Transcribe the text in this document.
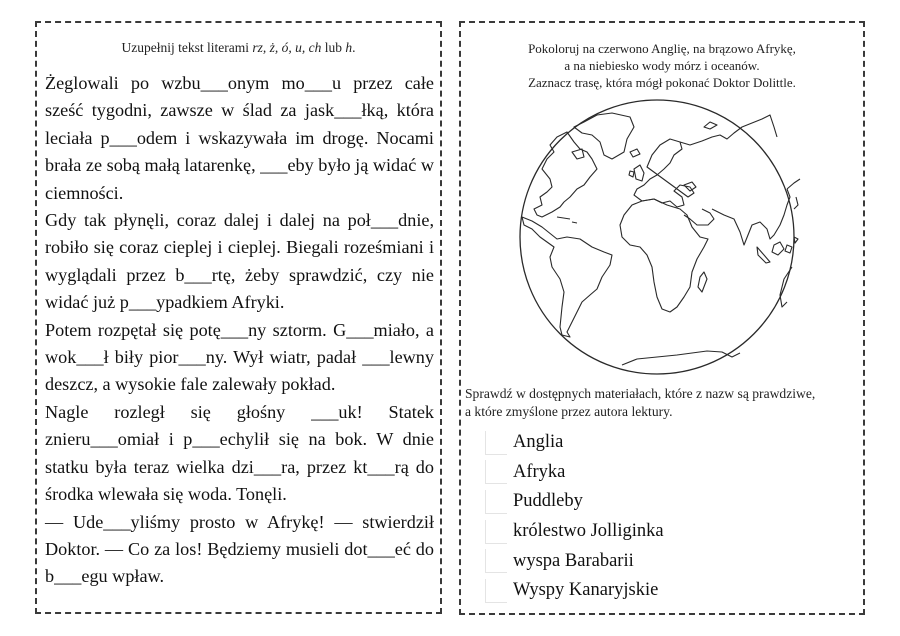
Uzupełnij tekst literami rz, ż, ó, u, ch lub h.

Żeglowali po wzbu___onym mo___u przez całe sześć tygodni, zawsze w ślad za jask___łką, która leciała p___odem i wskazywała im drogę. Nocami brała ze sobą małą latarenkę, ___eby było ją widać w ciemności.

Gdy tak płynęli, coraz dalej i dalej na poł___dnie, robiło się coraz cieplej i cieplej. Biegali roześmiani i wyglądali przez b___rtę, żeby sprawdzić, czy nie widać już p___ypadkiem Afryki.

Potem rozpętał się potę___ny sztorm. G___miało, a wok___ł biły pior___ny. Wył wiatr, padał ___lewny deszcz, a wysokie fale zalewały pokład.

Nagle rozległ się głośny ___uk! Statek znieru___omiał i p___echylił się na bok. W dnie statku była teraz wielka dzi___ra, przez kt___rą do środka wlewała się woda. Tonęli.

— Ude___yliśmy prosto w Afrykę! — stwierdził Doktor. — Co za los! Będziemy musieli dot___eć do b___egu wpław.

Pokoloruj na czerwono Anglię, na brązowo Afrykę,
a na niebiesko wody mórz i oceanów.
Zaznacz trasę, która mógł pokonać Doktor Dolittle.
Sprawdź w dostępnych materiałach, które z nazw są prawdziwe,
a które zmyślone przez autora lektury.
Anglia
Afryka
Puddleby
królestwo Jolliginka
wyspa Barabarii
Wyspy Kanaryjskie
